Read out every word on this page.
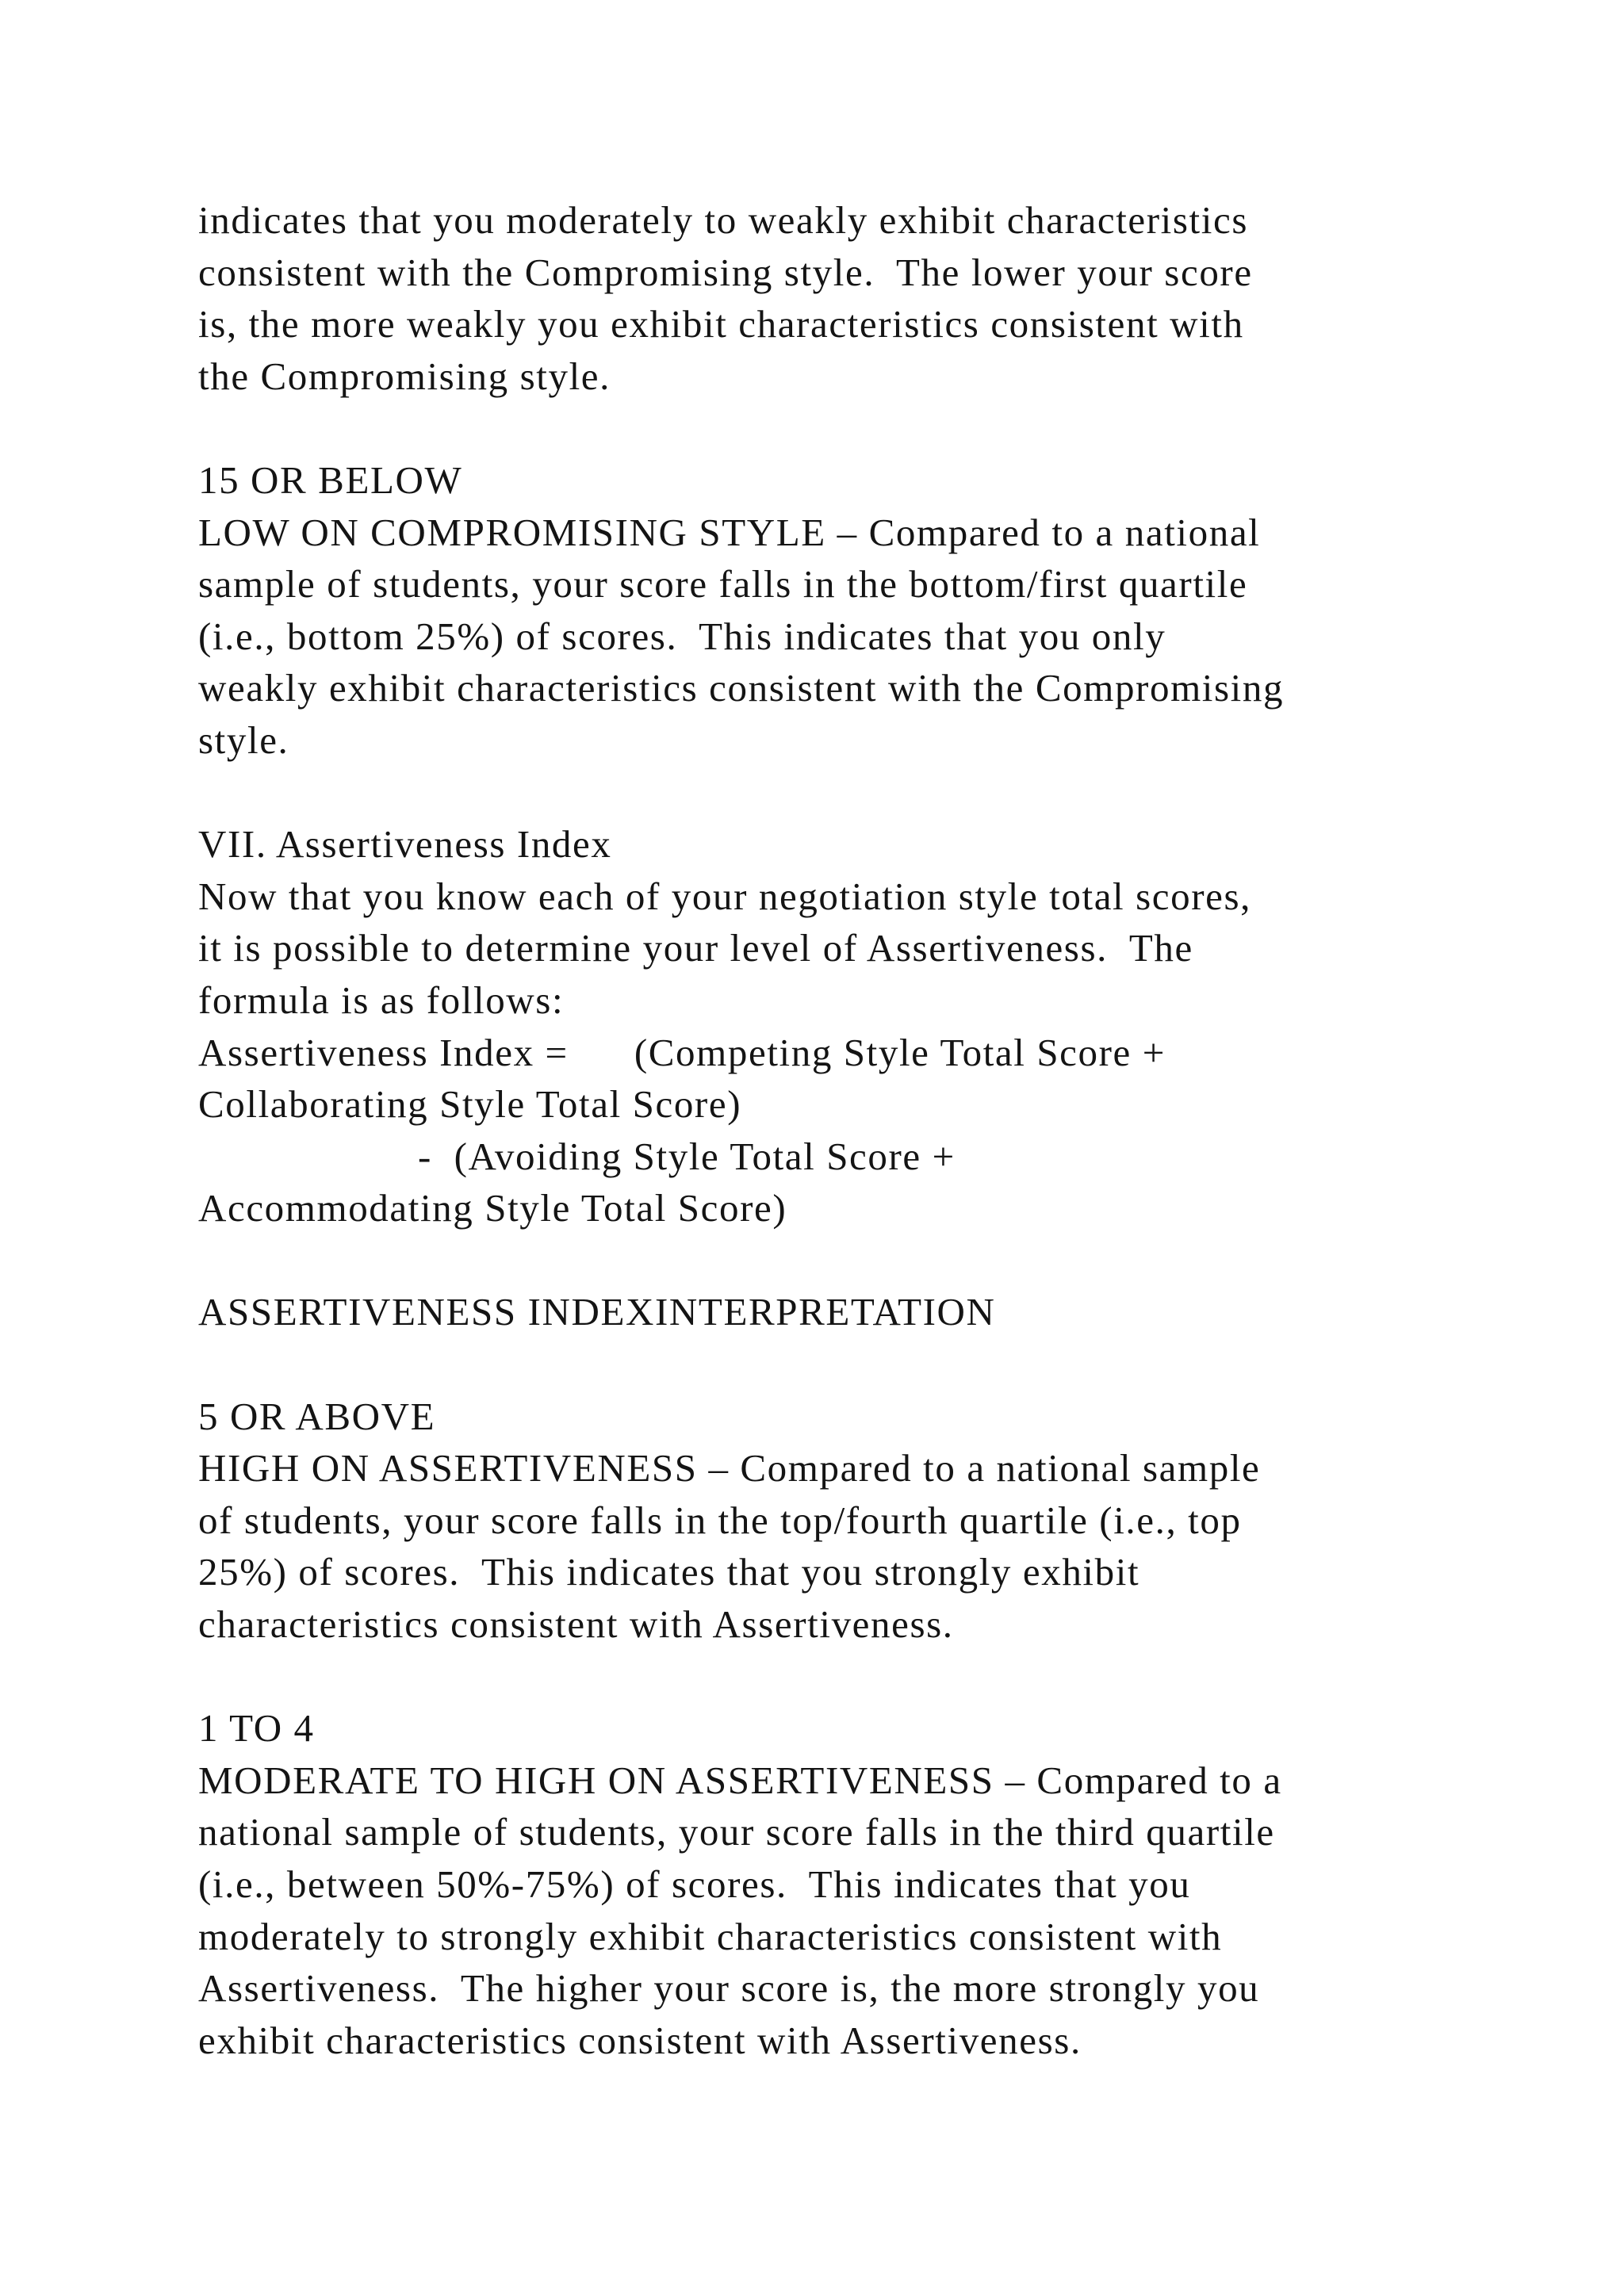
indicates that you moderately to weakly exhibit characteristics
consistent with the Compromising style.  The lower your score
is, the more weakly you exhibit characteristics consistent with
the Compromising style.
15 OR BELOW
LOW ON COMPROMISING STYLE – Compared to a national
sample of students, your score falls in the bottom/first quartile
(i.e., bottom 25%) of scores.  This indicates that you only
weakly exhibit characteristics consistent with the Compromising
style.
VII. Assertiveness Index
Now that you know each of your negotiation style total scores,
it is possible to determine your level of Assertiveness.  The
formula is as follows:
Assertiveness Index =      (Competing Style Total Score +
Collaborating Style Total Score)
-  (Avoiding Style Total Score +
Accommodating Style Total Score)
ASSERTIVENESS INDEXINTERPRETATION
5 OR ABOVE
HIGH ON ASSERTIVENESS – Compared to a national sample
of students, your score falls in the top/fourth quartile (i.e., top
25%) of scores.  This indicates that you strongly exhibit
characteristics consistent with Assertiveness.
1 TO 4
MODERATE TO HIGH ON ASSERTIVENESS – Compared to a
national sample of students, your score falls in the third quartile
(i.e., between 50%-75%) of scores.  This indicates that you
moderately to strongly exhibit characteristics consistent with
Assertiveness.  The higher your score is, the more strongly you
exhibit characteristics consistent with Assertiveness.
